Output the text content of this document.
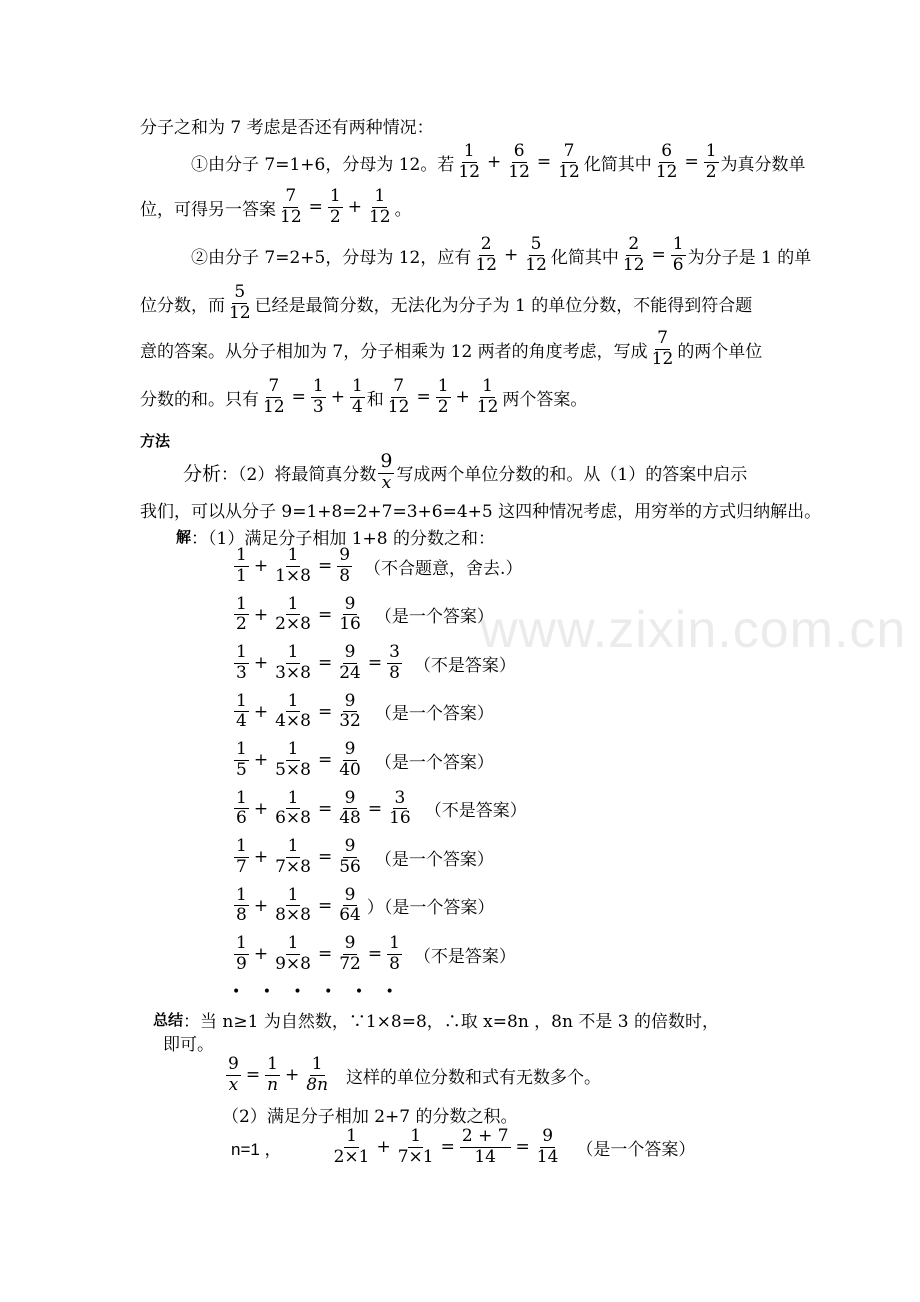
分子之和为 7 考虑是否还有两种情况：
①由分子 7=1+6，分母为 12。若 $\frac{1}{12} + \frac{6}{12} = \frac{7}{12}$ 化简其中 $\frac{6}{12} = \frac{1}{2}$ 为真分数单
位，可得另一答案 $\frac{7}{12} = \frac{1}{2} + \frac{1}{12}$ 。
②由分子 7=2+5，分母为 12，应有 $\frac{2}{12} + \frac{5}{12}$ 化简其中 $\frac{2}{12} = \frac{1}{6}$ 为分子是 1 的单
位分数，而 $\frac{5}{12}$ 已经是最简分数，无法化为分子为 1 的单位分数，不能得到符合题
意的答案。从分子相加为 7，分子相乘为 12 两者的角度考虑，写成 $\frac{7}{12}$ 的两个单位
分数的和。只有 $\frac{7}{12} = \frac{1}{3} + \frac{1}{4}$ 和 $\frac{7}{12} = \frac{1}{2} + \frac{1}{12}$ 两个答案。
方法
分析 ：（2）将最简真分数 $\frac{9}{x}$ 写成两个单位分数的和。从（1）的答案中启示
我们，可以从分子 9=1+8=2+7=3+6=4+5 这四种情况考虑，用穷举的方式归纳解出。
解 ：（1）满足分子相加 1+8 的分数之和：
$\frac{1}{1} + \frac{1}{1\times 8} = \frac{9}{8}$ （不合题意，舍去.）
$\frac{1}{2} + \frac{1}{2\times 8} = \frac{9}{16}$ （是一个答案）
$\frac{1}{3} + \frac{1}{3\times 8} = \frac{9}{24} = \frac{3}{8}$ （不是答案）
$\frac{1}{4} + \frac{1}{4\times 8} = \frac{9}{32}$ （是一个答案）
$\frac{1}{5} + \frac{1}{5\times 8} = \frac{9}{40}$ （是一个答案）
$\frac{1}{6} + \frac{1}{6\times 8} = \frac{9}{48} = \frac{3}{16}$ （不是答案）
$\frac{1}{7} + \frac{1}{7\times 8} = \frac{9}{56}$ （是一个答案）
$\frac{1}{8} + \frac{1}{8\times 8} = \frac{9}{64}$ ）（是一个答案）
$\frac{1}{9} + \frac{1}{9\times 8} = \frac{9}{72} = \frac{1}{8}$ （不是答案）
• • • • • •
总结 ：当 n≥1 为自然数，∵1×8=8，∴取 x=8n ，8n 不是 3 的倍数时，
即可。
$\frac{9}{x} = \frac{1}{n} + \frac{1}{8n}$ 这样的单位分数和式有无数多个。
（2）满足分子相加 2+7 的分数之积。
n=1 ，	$\frac{1}{2\times 1} + \frac{1}{7\times 1} = \frac{2 + 7}{14} = \frac{9}{14}$ （是一个答案）
www.zixin.com.cn
